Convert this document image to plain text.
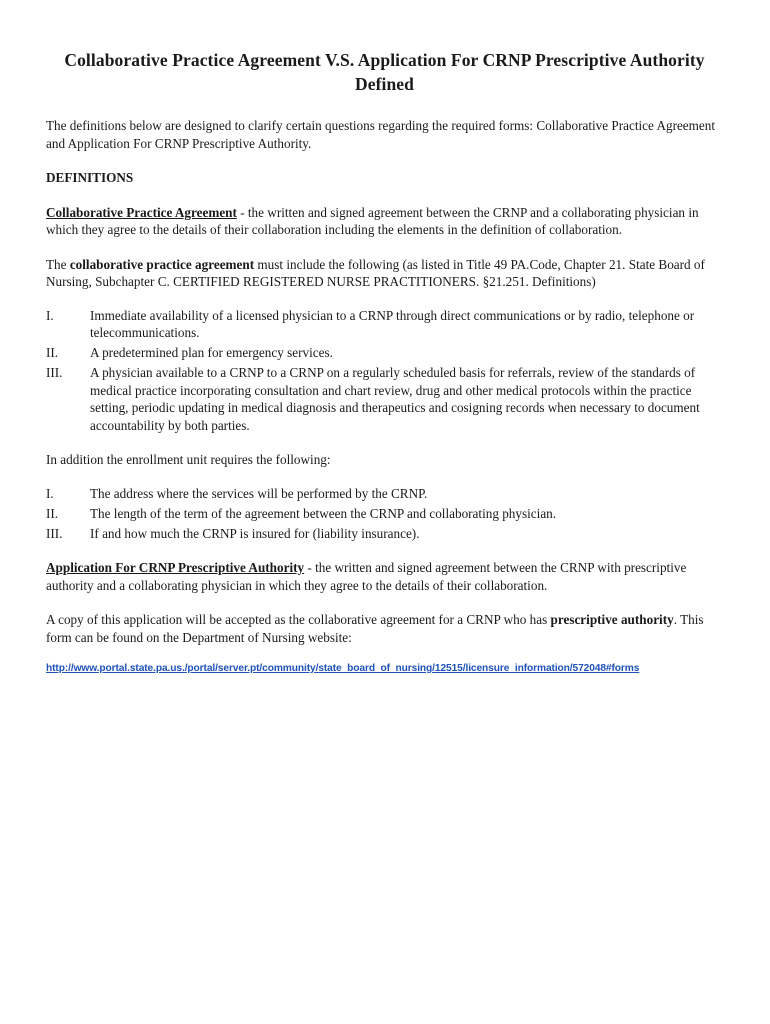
Collaborative Practice Agreement V.S. Application For CRNP Prescriptive Authority Defined

The definitions below are designed to clarify certain questions regarding the required forms: Collaborative Practice Agreement and Application For CRNP Prescriptive Authority.

DEFINITIONS

Collaborative Practice Agreement - the written and signed agreement between the CRNP and a collaborating physician in which they agree to the details of their collaboration including the elements in the definition of collaboration.

The collaborative practice agreement must include the following (as listed in Title 49 PA.Code, Chapter 21. State Board of Nursing, Subchapter C. CERTIFIED REGISTERED NURSE PRACTITIONERS. §21.251. Definitions)

I.	Immediate availability of a licensed physician to a CRNP through direct communications or by radio, telephone or telecommunications.
II.	A predetermined plan for emergency services.
III.	A physician available to a CRNP to a CRNP on a regularly scheduled basis for referrals, review of the standards of medical practice incorporating consultation and chart review, drug and other medical protocols within the practice setting, periodic updating in medical diagnosis and therapeutics and cosigning records when necessary to document accountability by both parties.

In addition the enrollment unit requires the following:

I.	The address where the services will be performed by the CRNP.
II.	The length of the term of the agreement between the CRNP and collaborating physician.
III.	If and how much the CRNP is insured for (liability insurance).

Application For CRNP Prescriptive Authority - the written and signed agreement between the CRNP with prescriptive authority and a collaborating physician in which they agree to the details of their collaboration.

A copy of this application will be accepted as the collaborative agreement for a CRNP who has prescriptive authority. This form can be found on the Department of Nursing website:

http://www.portal.state.pa.us./portal/server.pt/community/state_board_of_nursing/12515/licensure_information/572048#forms
